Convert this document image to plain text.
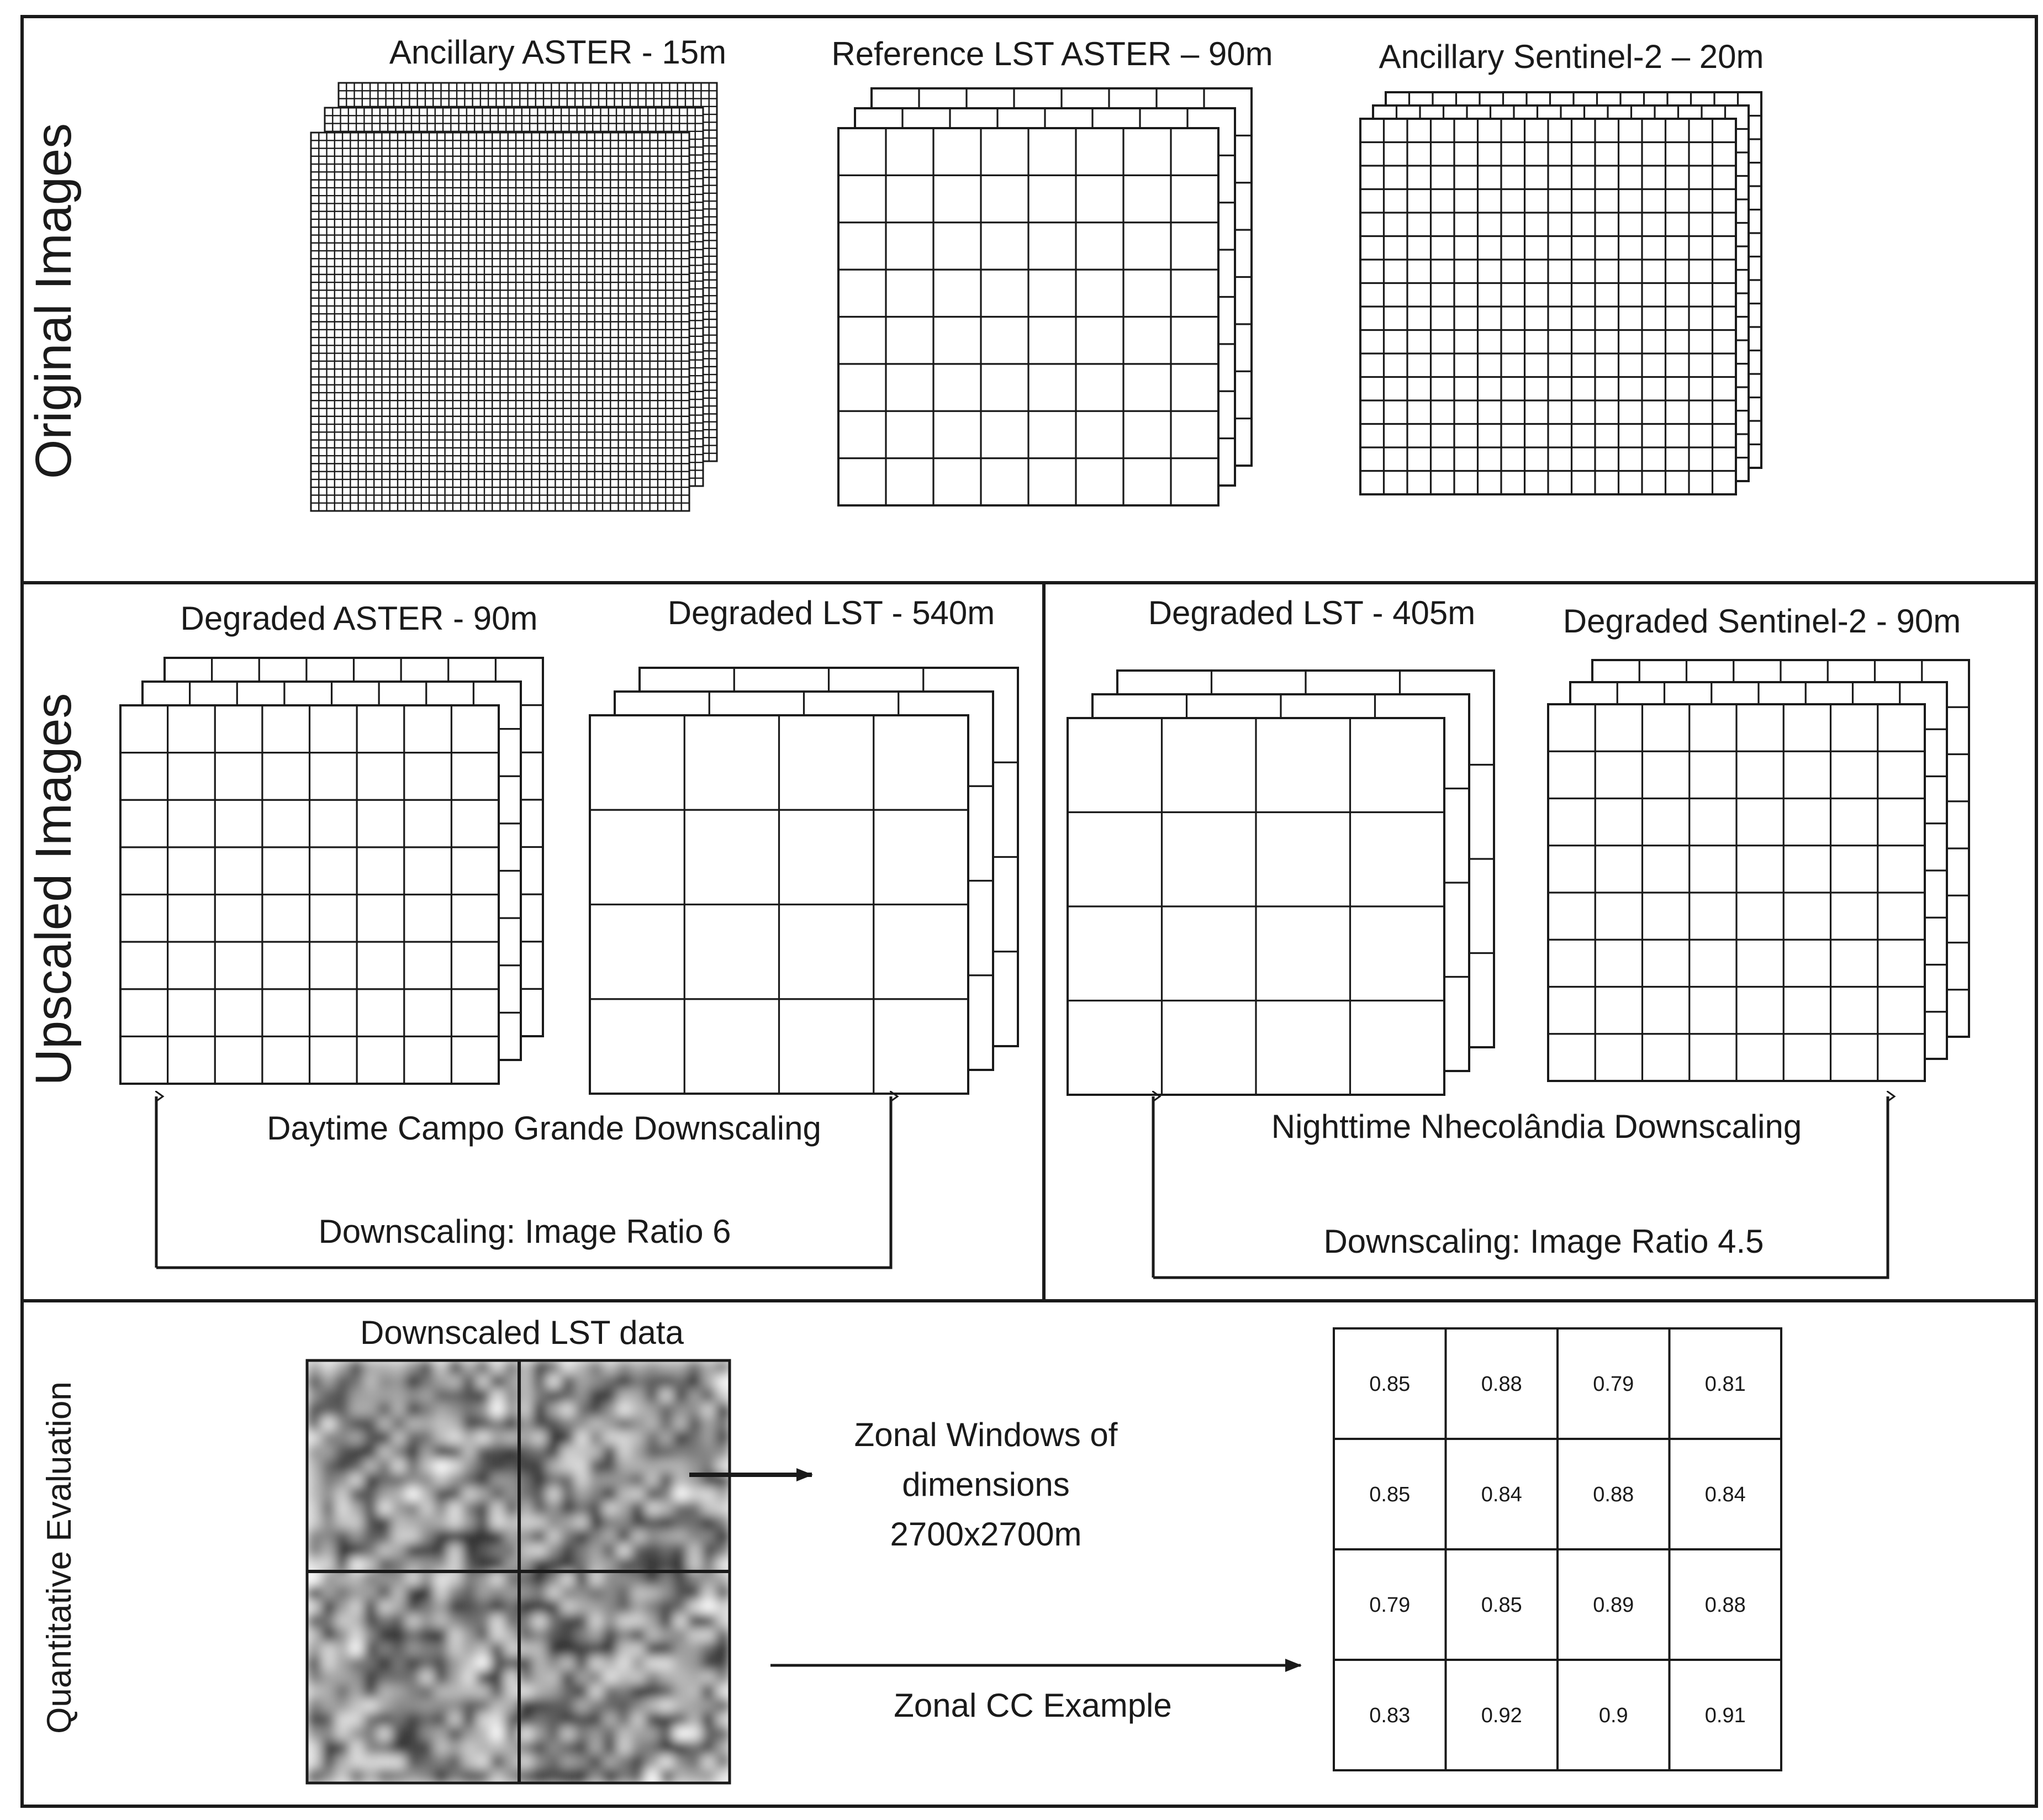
Original Images
Upscaled Images
Quantitative Evaluation
Ancillary ASTER - 15m	Reference LST ASTER – 90m	Ancillary Sentinel-2 – 20m
Degraded ASTER - 90m	Degraded LST - 540m	Degraded LST - 405m	Degraded Sentinel-2 - 90m
Daytime Campo Grande Downscaling
Downscaling: Image Ratio 6
Nighttime Nhecolândia Downscaling
Downscaling: Image Ratio 4.5
Downscaled LST data
Zonal Windows of
dimensions
2700x2700m
Zonal CC Example
0.85	0.88	0.79	0.81
0.85	0.84	0.88	0.84
0.79	0.85	0.89	0.88
0.83	0.92	0.9	0.91
